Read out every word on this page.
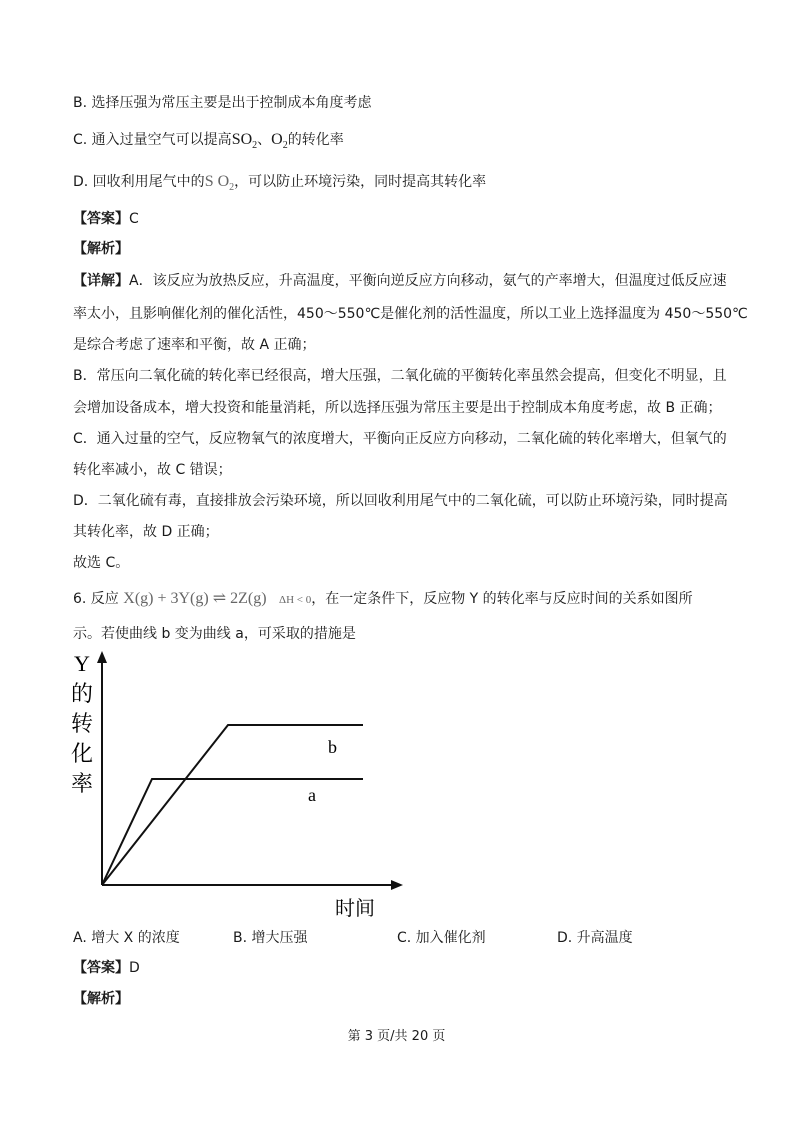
B. 选择压强为常压主要是出于控制成本角度考虑
C. 通入过量空气可以提高$SO_2$、$O_2$的转化率
D. 回收利用尾气中的S $O_2$，可以防止环境污染，同时提高其转化率
【答案】C
【解析】
【详解】A．该反应为放热反应，升高温度，平衡向逆反应方向移动，氨气的产率增大，但温度过低反应速
率太小，且影响催化剂的催化活性，450～550℃是催化剂的活性温度，所以工业上选择温度为 450～550℃
是综合考虑了速率和平衡，故 A 正确；
B．常压向二氧化硫的转化率已经很高，增大压强，二氧化硫的平衡转化率虽然会提高，但变化不明显，且
会增加设备成本，增大投资和能量消耗，所以选择压强为常压主要是出于控制成本角度考虑，故 B 正确；
C．通入过量的空气，反应物氧气的浓度增大，平衡向正反应方向移动，二氧化硫的转化率增大，但氧气的
转化率减小，故 C 错误；
D．二氧化硫有毒，直接排放会污染环境，所以回收利用尾气中的二氧化硫，可以防止环境污染，同时提高
其转化率，故 D 正确；
故选 C。
6. 反应 X(g) + 3Y(g) ⇌ 2Z(g) ΔH < 0，在一定条件下，反应物 Y 的转化率与反应时间的关系如图所
示。若使曲线 b 变为曲线 a，可采取的措施是
Y
的
转
化
率
b
a
时间
A. 增大 X 的浓度	B. 增大压强	C. 加入催化剂	D. 升高温度
【答案】D
【解析】
第 3 页/共 20 页
